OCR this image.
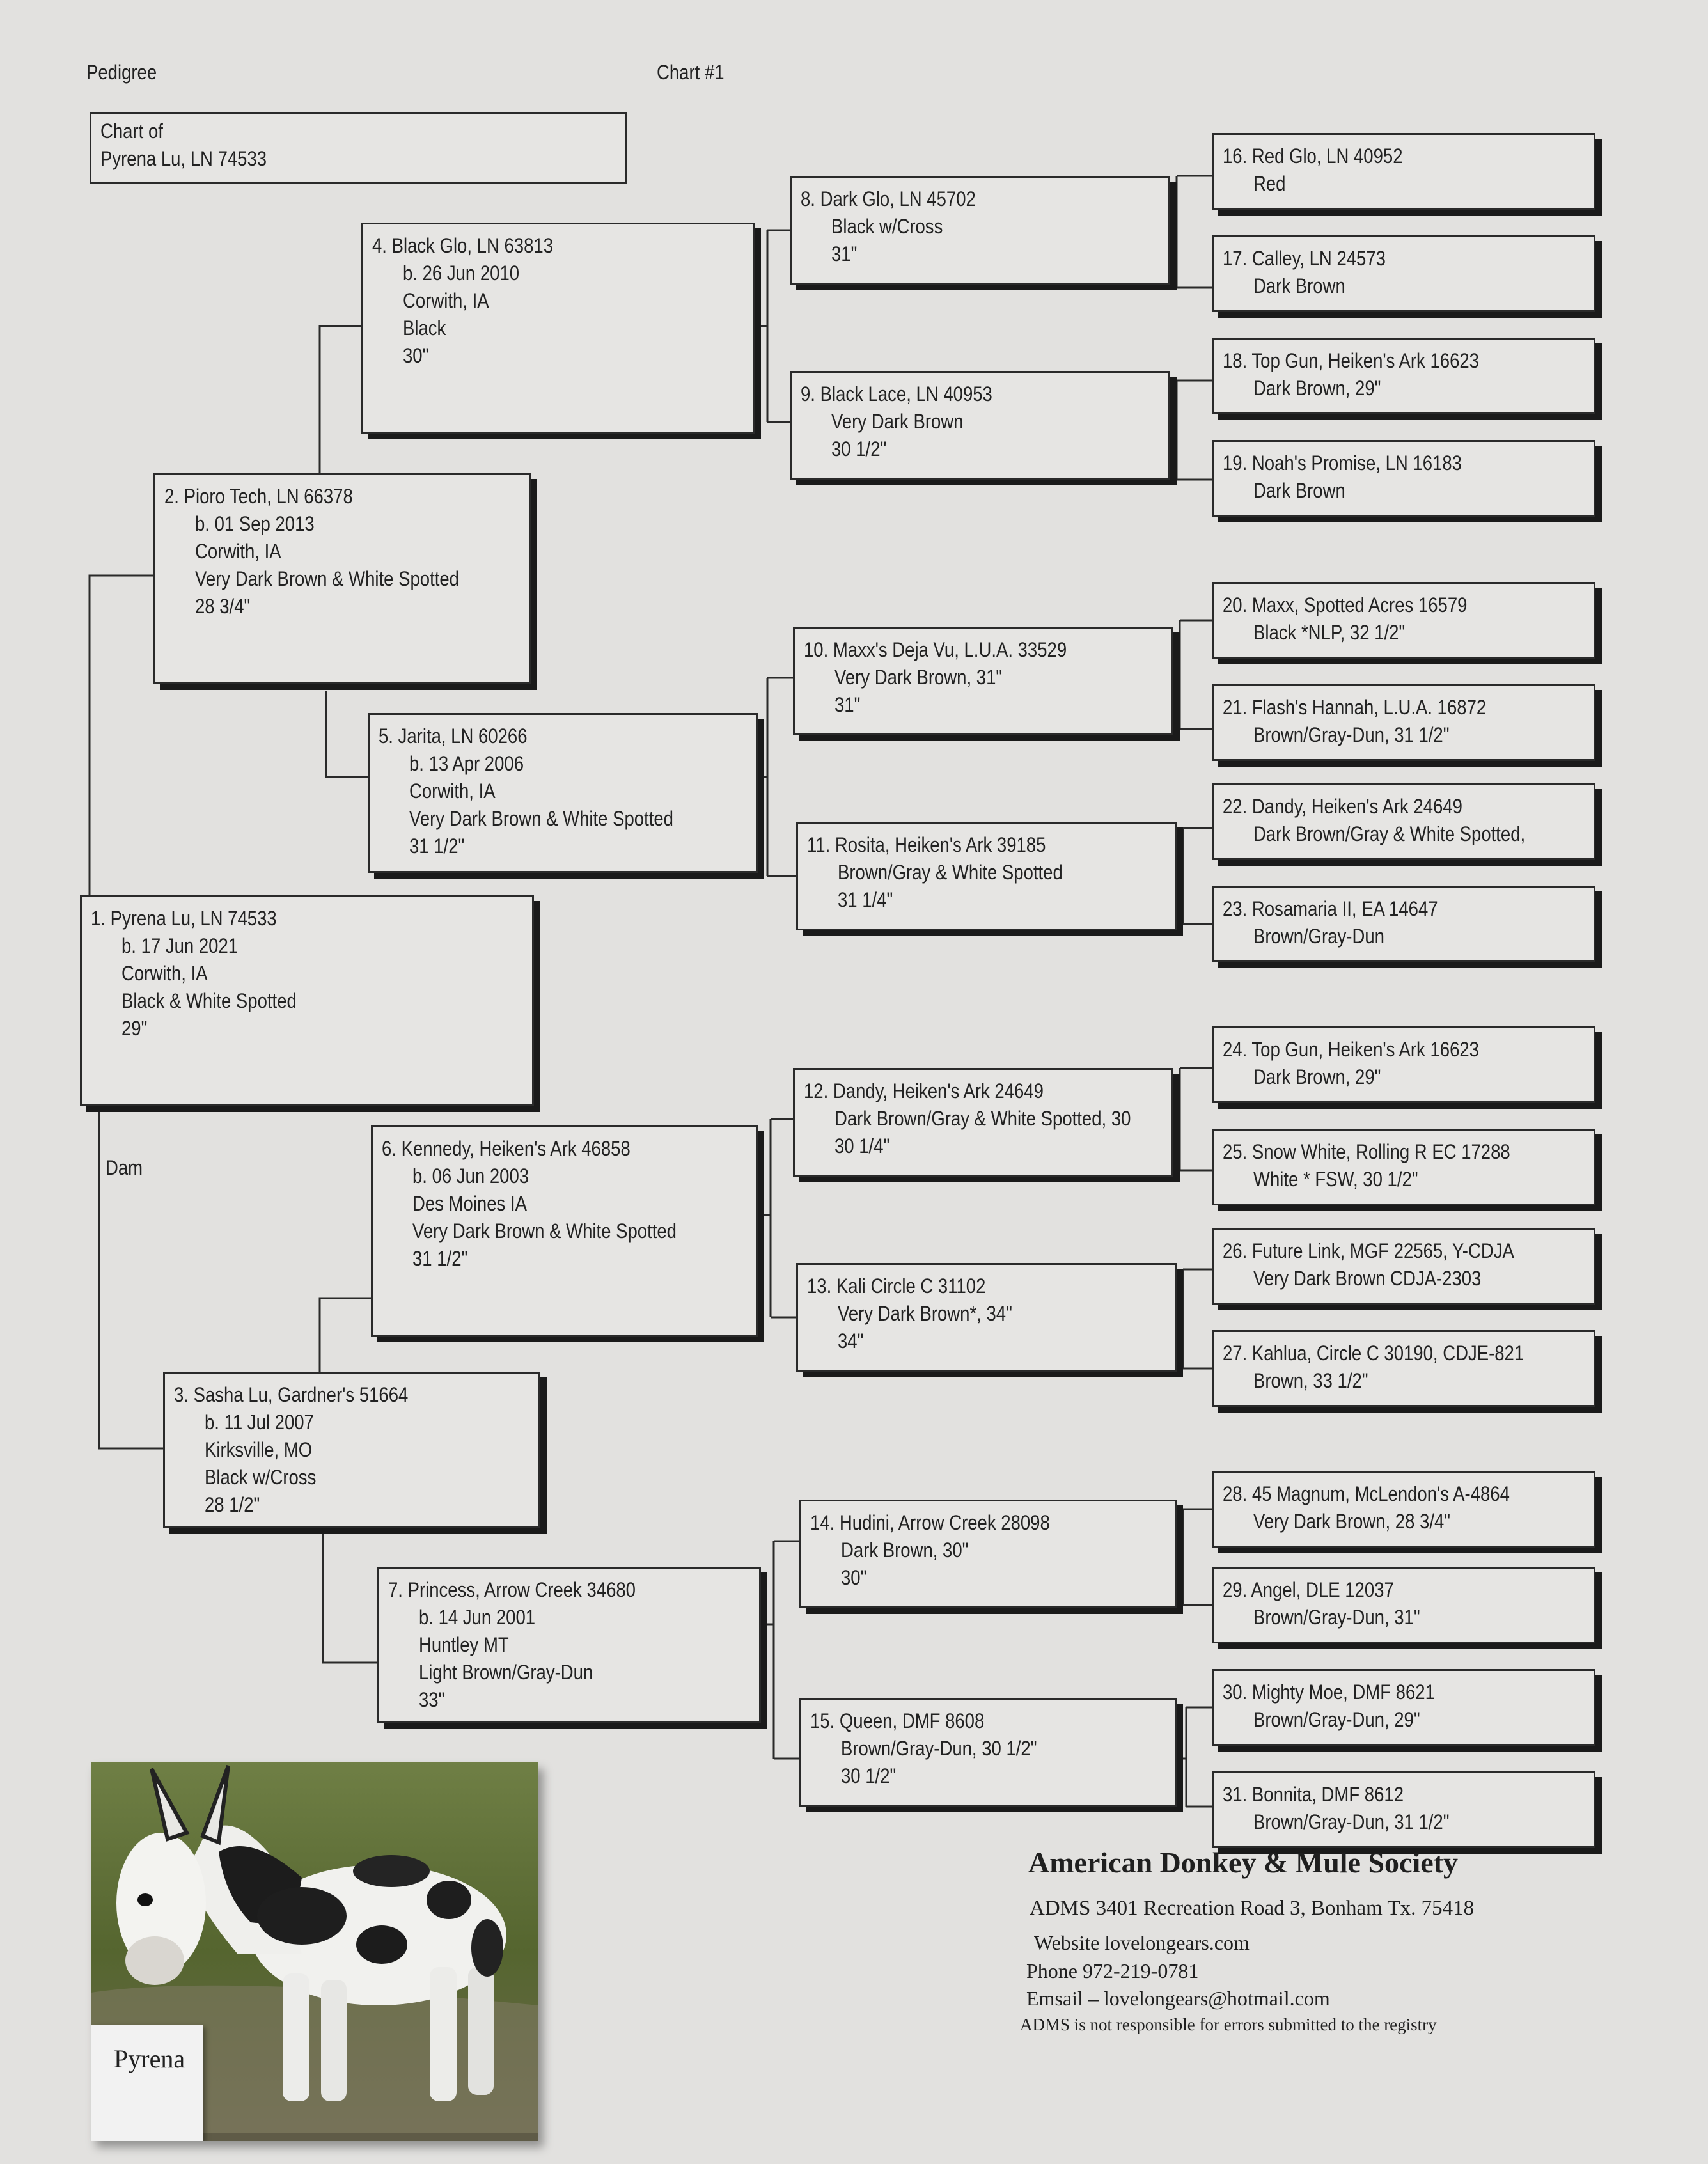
Pedigree	Chart #1
Chart of
Pyrena Lu, LN 74533
Dam
1. Pyrena Lu, LN 74533
b. 17 Jun 2021
Corwith, IA
Black & White Spotted
29"
2. Pioro Tech, LN 66378
b. 01 Sep 2013
Corwith, IA
Very Dark Brown & White Spotted
28 3/4"
3. Sasha Lu, Gardner's 51664
b. 11 Jul 2007
Kirksville, MO
Black w/Cross
28 1/2"
4. Black Glo, LN 63813
b. 26 Jun 2010
Corwith, IA
Black
30"
5. Jarita, LN 60266
b. 13 Apr 2006
Corwith, IA
Very Dark Brown & White Spotted
31 1/2"
6. Kennedy, Heiken's Ark 46858
b. 06 Jun 2003
Des Moines IA
Very Dark Brown & White Spotted
31 1/2"
7. Princess, Arrow Creek 34680
b. 14 Jun 2001
Huntley MT
Light Brown/Gray-Dun
33"
8. Dark Glo, LN 45702
Black w/Cross
31"
9. Black Lace, LN 40953
Very Dark Brown
30 1/2"
10. Maxx's Deja Vu, L.U.A. 33529
Very Dark Brown, 31"
31"
11. Rosita, Heiken's Ark 39185
Brown/Gray & White Spotted
31 1/4"
12. Dandy, Heiken's Ark 24649
Dark Brown/Gray & White Spotted, 30
30 1/4"
13. Kali Circle C 31102
Very Dark Brown*, 34"
34"
14. Hudini, Arrow Creek 28098
Dark Brown, 30"
30"
15. Queen, DMF 8608
Brown/Gray-Dun, 30 1/2"
30 1/2"
16. Red Glo, LN 40952
Red
17. Calley, LN 24573
Dark Brown
18. Top Gun, Heiken's Ark 16623
Dark Brown, 29"
19. Noah's Promise, LN 16183
Dark Brown
20. Maxx, Spotted Acres 16579
Black *NLP, 32 1/2"
21. Flash's Hannah, L.U.A. 16872
Brown/Gray-Dun, 31 1/2"
22. Dandy, Heiken's Ark 24649
Dark Brown/Gray & White Spotted,
23. Rosamaria II, EA 14647
Brown/Gray-Dun
24. Top Gun, Heiken's Ark 16623
Dark Brown, 29"
25. Snow White, Rolling R EC 17288
White * FSW, 30 1/2"
26. Future Link, MGF 22565, Y-CDJA
Very Dark Brown CDJA-2303
27. Kahlua, Circle C 30190, CDJE-821
Brown, 33 1/2"
28. 45 Magnum, McLendon's A-4864
Very Dark Brown, 28 3/4"
29. Angel, DLE 12037
Brown/Gray-Dun, 31"
30. Mighty Moe, DMF 8621
Brown/Gray-Dun, 29"
31. Bonnita, DMF 8612
Brown/Gray-Dun, 31 1/2"
Pyrena
American Donkey & Mule Society
ADMS 3401 Recreation Road 3, Bonham Tx. 75418
Website lovelongears.com
Phone 972-219-0781
Emsail – lovelongears@hotmail.com
ADMS is not responsible for errors submitted to the registry
